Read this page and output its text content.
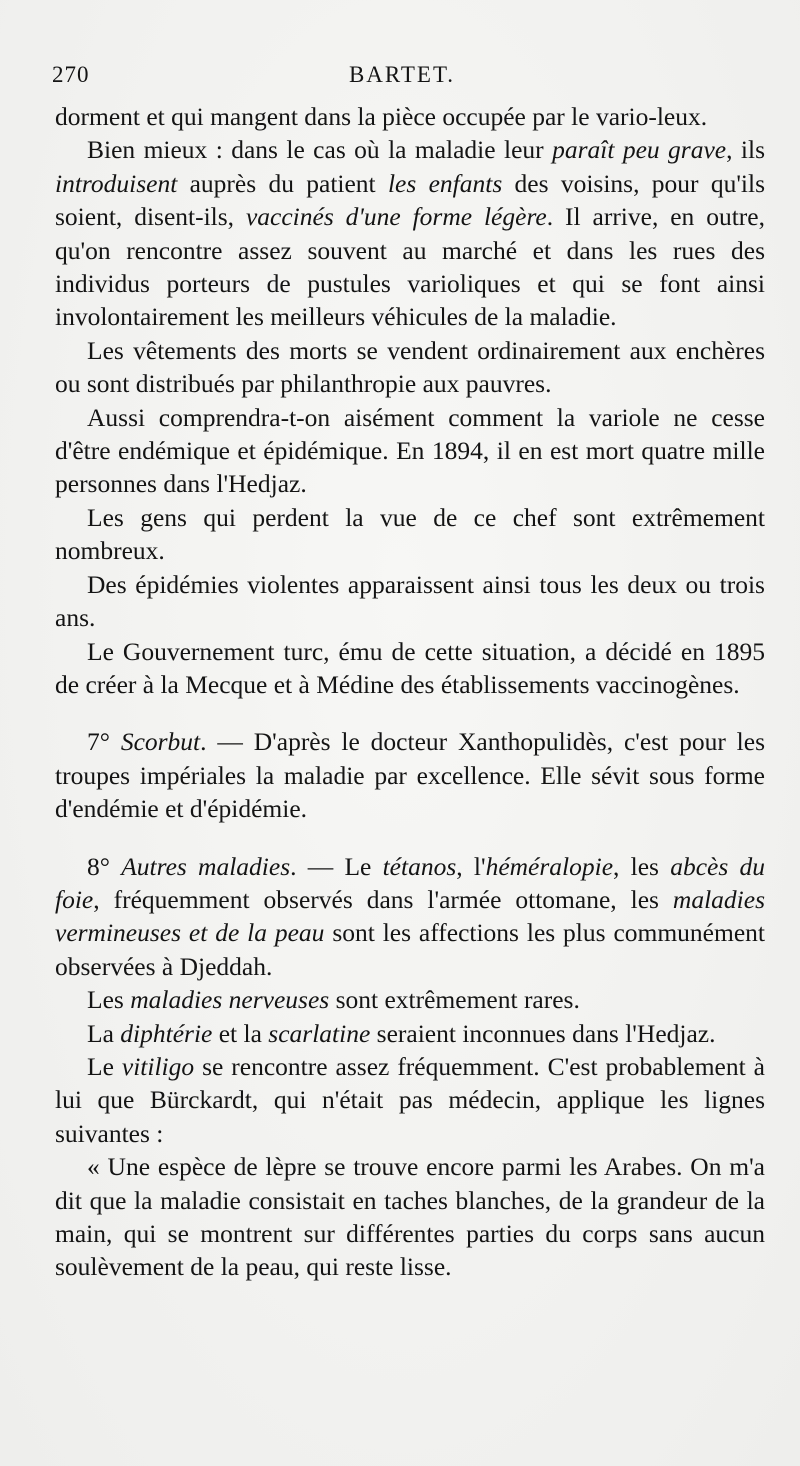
270	BARTET.

dorment et qui mangent dans la pièce occupée par le vario-leux.

Bien mieux : dans le cas où la maladie leur paraît peu grave, ils introduisent auprès du patient les enfants des voisins, pour qu'ils soient, disent-ils, vaccinés d'une forme légère. Il arrive, en outre, qu'on rencontre assez souvent au marché et dans les rues des individus porteurs de pustules varioliques et qui se font ainsi involontairement les meilleurs véhicules de la maladie.

Les vêtements des morts se vendent ordinairement aux enchères ou sont distribués par philanthropie aux pauvres.

Aussi comprendra-t-on aisément comment la variole ne cesse d'être endémique et épidémique. En 1894, il en est mort quatre mille personnes dans l'Hedjaz.

Les gens qui perdent la vue de ce chef sont extrêmement nombreux.

Des épidémies violentes apparaissent ainsi tous les deux ou trois ans.

Le Gouvernement turc, ému de cette situation, a décidé en 1895 de créer à la Mecque et à Médine des établissements vaccinogènes.

7° Scorbut. — D'après le docteur Xanthopulidès, c'est pour les troupes impériales la maladie par excellence. Elle sévit sous forme d'endémie et d'épidémie.

8° Autres maladies. — Le tétanos, l'héméralopie, les abcès du foie, fréquemment observés dans l'armée ottomane, les maladies vermineuses et de la peau sont les affections les plus communément observées à Djeddah.

Les maladies nerveuses sont extrêmement rares.

La diphtérie et la scarlatine seraient inconnues dans l'Hedjaz.

Le vitiligo se rencontre assez fréquemment. C'est probablement à lui que Bürckardt, qui n'était pas médecin, applique les lignes suivantes :

« Une espèce de lèpre se trouve encore parmi les Arabes. On m'a dit que la maladie consistait en taches blanches, de la grandeur de la main, qui se montrent sur différentes parties du corps sans aucun soulèvement de la peau, qui reste lisse.
